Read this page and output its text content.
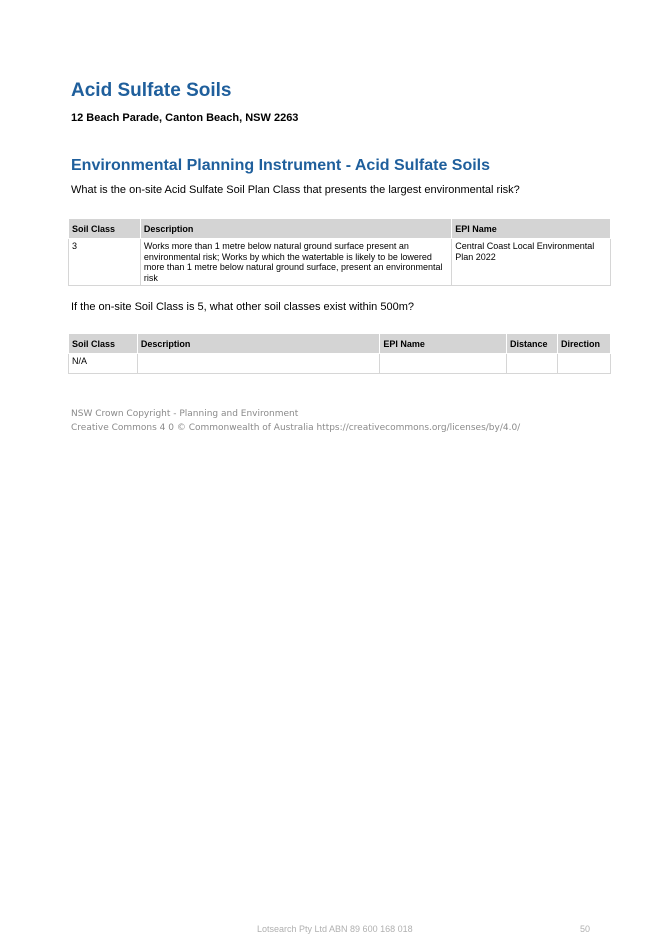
Acid Sulfate Soils

12 Beach Parade, Canton Beach, NSW 2263

Environmental Planning Instrument - Acid Sulfate Soils

What is the on-site Acid Sulfate Soil Plan Class that presents the largest environmental risk?

Soil Class	Description	EPI Name
3	Works more than 1 metre below natural ground surface present an environmental risk; Works by which the watertable is likely to be lowered more than 1 metre below natural ground surface, present an environmental risk	Central Coast Local Environmental Plan 2022

If the on-site Soil Class is 5, what other soil classes exist within 500m?

Soil Class	Description	EPI Name	Distance	Direction
N/A				
NSW Crown Copyright - Planning and Environment
Creative Commons 4 0 © Commonwealth of Australia https://creativecommons.org/licenses/by/4.0/
Lotsearch Pty Ltd ABN 89 600 168 018	50
